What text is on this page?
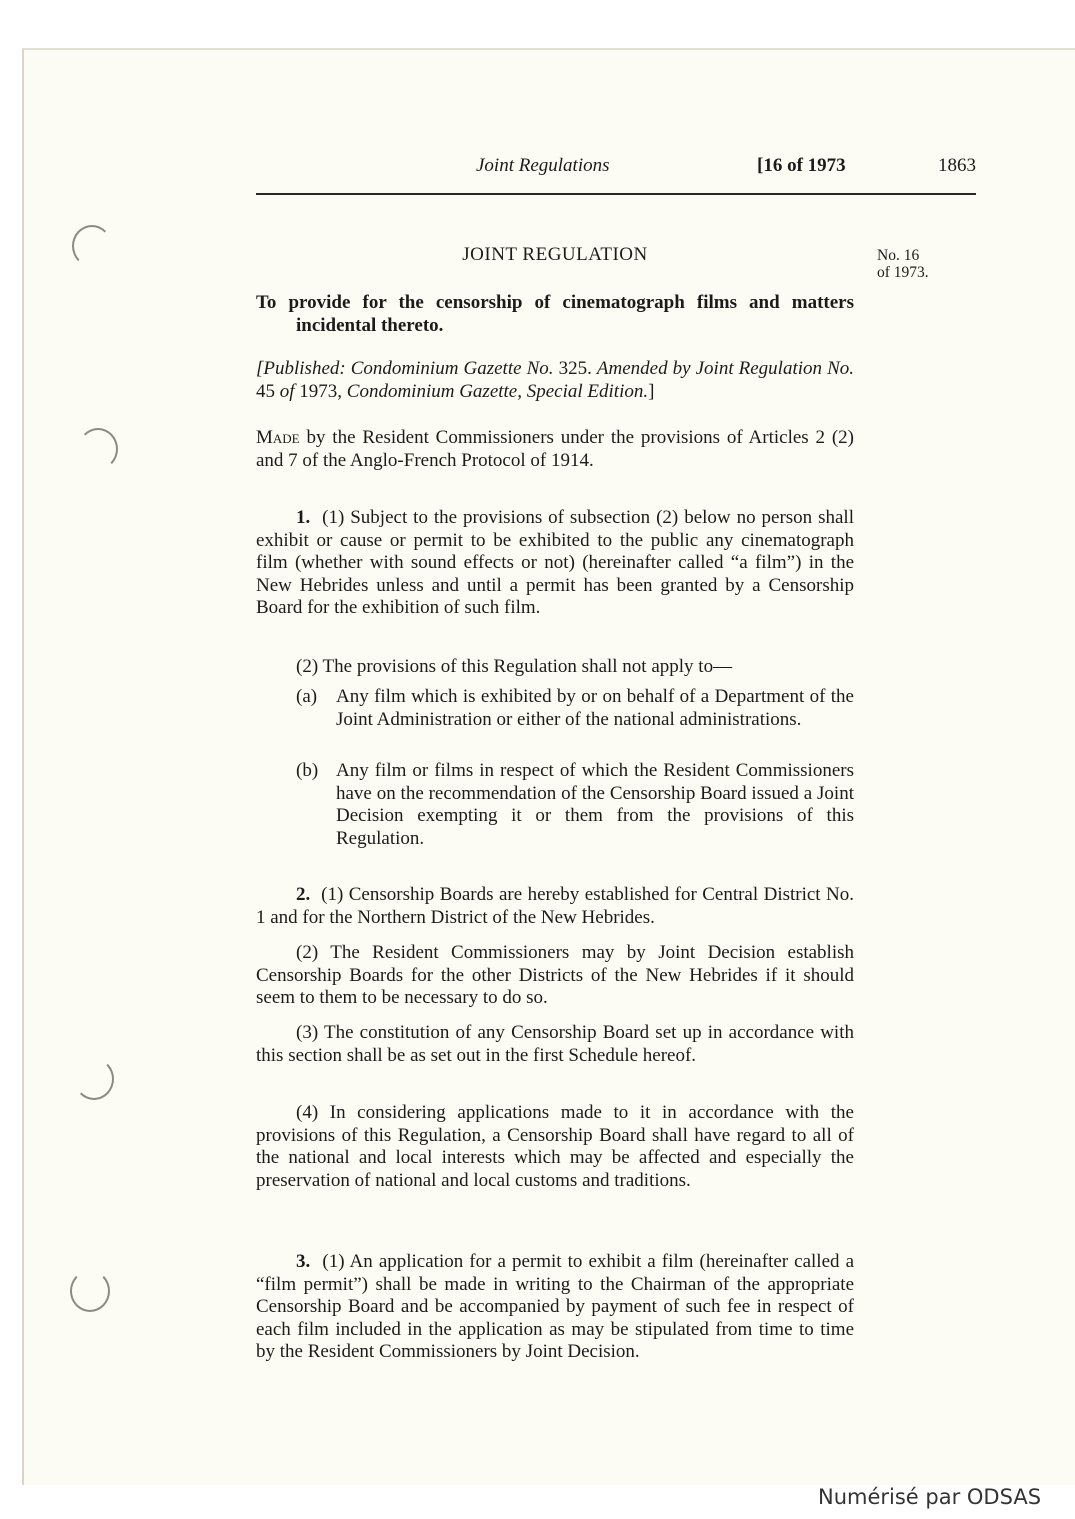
Joint Regulations	[16 of 1973	1863
JOINT REGULATION	No. 16
of 1973.
To provide for the censorship of cinematograph films and matters incidental thereto.
[Published: Condominium Gazette No. 325. Amended by Joint Regulation No. 45 of 1973, Condominium Gazette, Special Edition.]
Made by the Resident Commissioners under the provisions of Articles 2 (2) and 7 of the Anglo-French Protocol of 1914.
1. (1) Subject to the provisions of subsection (2) below no person shall exhibit or cause or permit to be exhibited to the public any cinematograph film (whether with sound effects or not) (hereinafter called “a film”) in the New Hebrides unless and until a permit has been granted by a Censorship Board for the exhibition of such film.
(2) The provisions of this Regulation shall not apply to—
(a) Any film which is exhibited by or on behalf of a Department of the Joint Administration or either of the national administrations.
(b) Any film or films in respect of which the Resident Commissioners have on the recommendation of the Censorship Board issued a Joint Decision exempting it or them from the provisions of this Regulation.
2. (1) Censorship Boards are hereby established for Central District No. 1 and for the Northern District of the New Hebrides.
(2) The Resident Commissioners may by Joint Decision establish Censorship Boards for the other Districts of the New Hebrides if it should seem to them to be necessary to do so.
(3) The constitution of any Censorship Board set up in accordance with this section shall be as set out in the first Schedule hereof.
(4) In considering applications made to it in accordance with the provisions of this Regulation, a Censorship Board shall have regard to all of the national and local interests which may be affected and especially the preservation of national and local customs and traditions.
3. (1) An application for a permit to exhibit a film (hereinafter called a “film permit”) shall be made in writing to the Chairman of the appropriate Censorship Board and be accompanied by payment of such fee in respect of each film included in the application as may be stipulated from time to time by the Resident Commissioners by Joint Decision.
Numérisé par ODSAS
